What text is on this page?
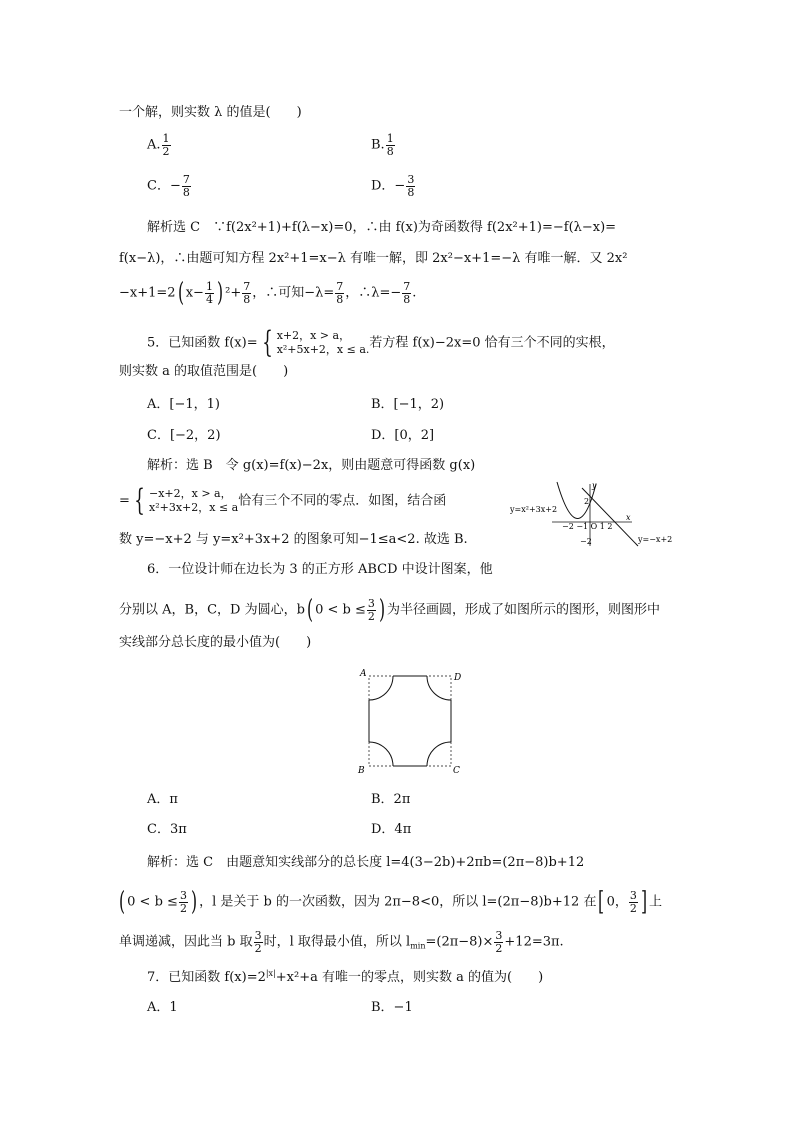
一个解，则实数 λ 的值是(　　)
A. $\frac{1}{2}$	B. $\frac{1}{8}$
C．− $\frac{7}{8}$	D．− $\frac{3}{8}$
解析选 C　∵f(2x²+1)+f(λ−x)=0，∴由 f(x)为奇函数得 f(2x²+1)=−f(λ−x)=
f(x−λ)，∴由题可知方程 2x²+1=x−λ 有唯一解，即 2x²−x+1=−λ 有唯一解．又 2x²
−x+1=2( $x- \frac{1}{4}$ ) $^2+ \frac{7}{8}$ ，∴可知$-\lambda= \frac{7}{8}$ ，∴λ=− $\frac{7}{8}$ .
5．已知函数 f(x)= { x+2，x > a，
x²+5x+2，x ≤ a. 若方程 f(x)−2x=0 恰有三个不同的实根，
则实数 a 的取值范围是(　　)
A．[−1，1)	B．[−1，2)
C．[−2，2)	D．[0，2]
解析：选 B　令 g(x)=f(x)−2x，则由题意可得函数 g(x)
= { −x+2，x > a，
x²+3x+2，x ≤ a 恰有三个不同的零点．如图，结合函
数 y=−x+2 与 y=x²+3x+2 的图象可知−1≤a<2. 故选 B.
y=x²+3x+2
y=−x+2
y
x
2
−2
−2 −1 O 1 2
6．一位设计师在边长为 3 的正方形 ABCD 中设计图案，他
分别以 A，B，C，D 为圆心，b( $0 < b \le \frac{3}{2}$ ) 为半径画圆，形成了如图所示的图形，则图形中
实线部分总长度的最小值为(　　)
A	D
B	C
A．π	B．2π
C．3π	D．4π
解析：选 C　由题意知实线部分的总长度 l=4(3−2b)+2πb=(2π−8)b+12
( $0 < b \le \frac{3}{2}$ ) ，l 是关于 b 的一次函数，因为 2π−8<0，所以 l=(2π−8)b+12 在[ 0， $\frac{3}{2}$ ] 上
单调递减，因此当 b 取 $\frac{3}{2}$ 时，l 取得最小值，所以 $l_{min}=(2\pi-8)\times \frac{3}{2} +12=3\pi$.
7．已知函数 $f(x)=2^{|x|}+x^2+a$ 有唯一的零点，则实数 a 的值为(　　)
A．1	B．−1
